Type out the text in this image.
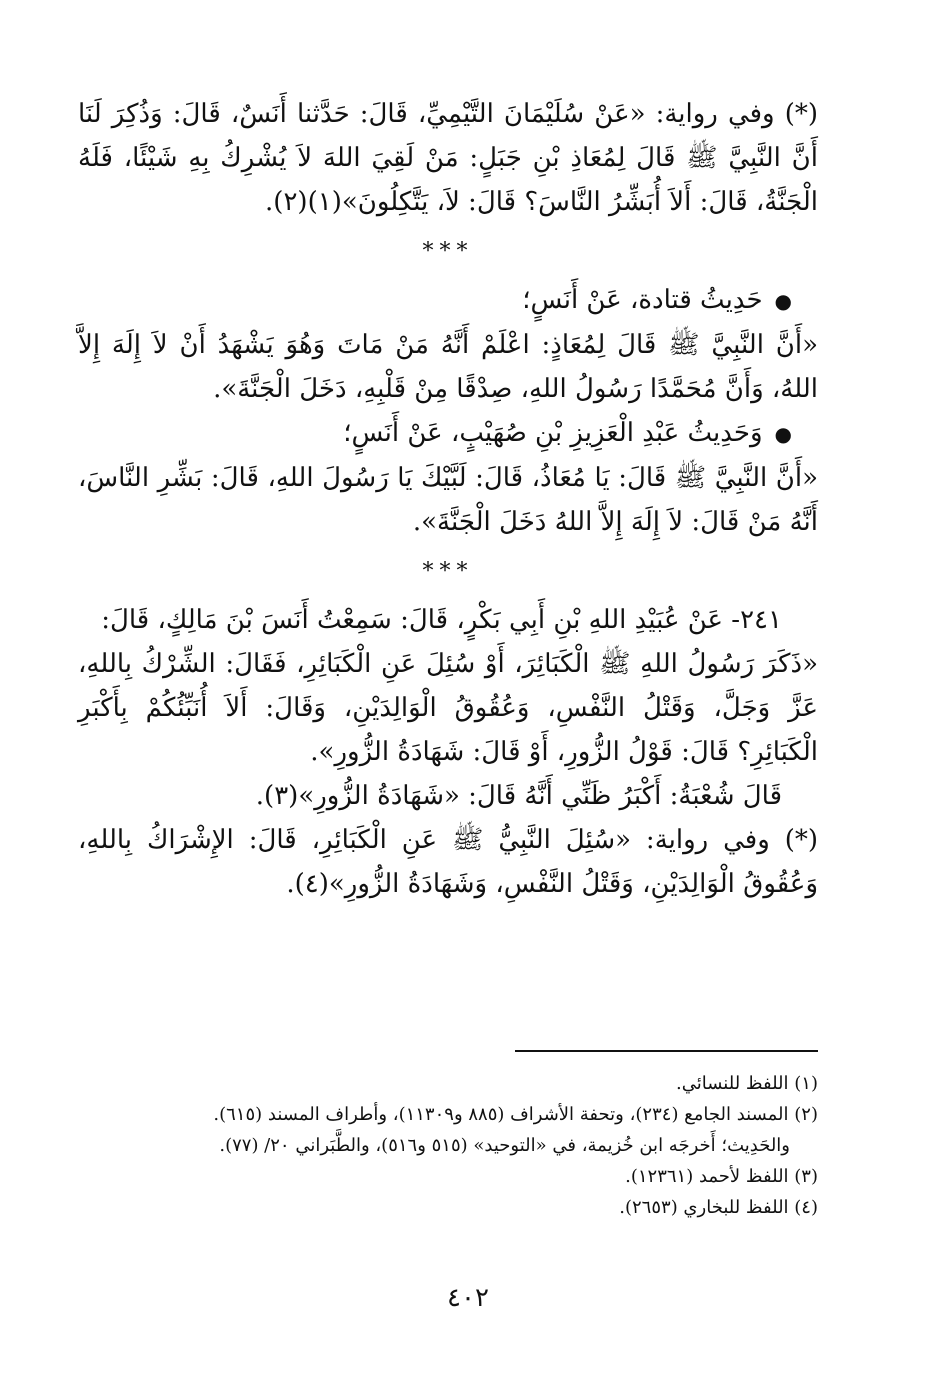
(*) وفي رواية: «عَنْ سُلَيْمَانَ التَّيْمِيِّ، قَالَ: حَدَّثنا أَنَسٌ، قَالَ: وَذُكِرَ لَنَا أَنَّ النَّبِيَّ ﷺ قَالَ لِمُعَاذِ بْنِ جَبَلٍ: مَنْ لَقِيَ اللهَ لاَ يُشْرِكُ بِهِ شَيْئًا، فَلَهُ الْجَنَّةُ، قَالَ: أَلاَ أُبَشِّرُ النَّاسَ؟ قَالَ: لاَ، يَتَّكِلُونَ»(١)(٢).

***

●حَدِيثُ قتادة، عَنْ أَنَسٍ؛

«أَنَّ النَّبِيَّ ﷺ قَالَ لِمُعَاذٍ: اعْلَمْ أَنَّهُ مَنْ مَاتَ وَهُوَ يَشْهَدُ أَنْ لاَ إِلَهَ إِلاَّ اللهُ، وَأَنَّ مُحَمَّدًا رَسُولُ اللهِ، صِدْقًا مِنْ قَلْبِهِ، دَخَلَ الْجَنَّةَ».

●وَحَدِيثُ عَبْدِ الْعَزِيزِ بْنِ صُهَيْبٍ، عَنْ أَنَسٍ؛

«أَنَّ النَّبِيَّ ﷺ قَالَ: يَا مُعَاذُ، قَالَ: لَبَّيْكَ يَا رَسُولَ اللهِ، قَالَ: بَشِّرِ النَّاسَ، أَنَّهُ مَنْ قَالَ: لاَ إِلَهَ إِلاَّ اللهُ دَخَلَ الْجَنَّةَ».

***

٢٤١- عَنْ عُبَيْدِ اللهِ بْنِ أَبِي بَكْرٍ، قَالَ: سَمِعْتُ أَنَسَ بْنَ مَالِكٍ، قَالَ:

«ذَكَرَ رَسُولُ اللهِ ﷺ الْكَبَائِرَ، أَوْ سُئِلَ عَنِ الْكَبَائِرِ، فَقَالَ: الشِّرْكُ بِاللهِ، عَزَّ وَجَلَّ، وَقَتْلُ النَّفْسِ، وَعُقُوقُ الْوَالِدَيْنِ، وَقَالَ: أَلاَ أُنَبِّئُكُمْ بِأَكْبَرِ الْكَبَائِرِ؟ قَالَ: قَوْلُ الزُّورِ، أَوْ قَالَ: شَهَادَةُ الزُّورِ».

قَالَ شُعْبَةُ: أَكْبَرُ ظَنِّي أَنَّهُ قَالَ: «شَهَادَةُ الزُّورِ»(٣).

(*) وفي رواية: «سُئِلَ النَّبِيُّ ﷺ عَنِ الْكَبَائِرِ، قَالَ: الإِشْرَاكُ بِاللهِ، وَعُقُوقُ الْوَالِدَيْنِ، وَقَتْلُ النَّفْسِ، وَشَهَادَةُ الزُّورِ»(٤).

(١) اللفظ للنسائي.

(٢) المسند الجامع (٢٣٤)، وتحفة الأشراف (٨٨٥ و١١٣٠٩)، وأطراف المسند (٦١٥).

والحَدِيث؛ أَخرجَه ابن خُزيمة، في «التوحيد» (٥١٥ و٥١٦)، والطَّبَراني ٢٠/ (٧٧).

(٣) اللفظ لأحمد (١٢٣٦١).

(٤) اللفظ للبخاري (٢٦٥٣).

٤٠٢
